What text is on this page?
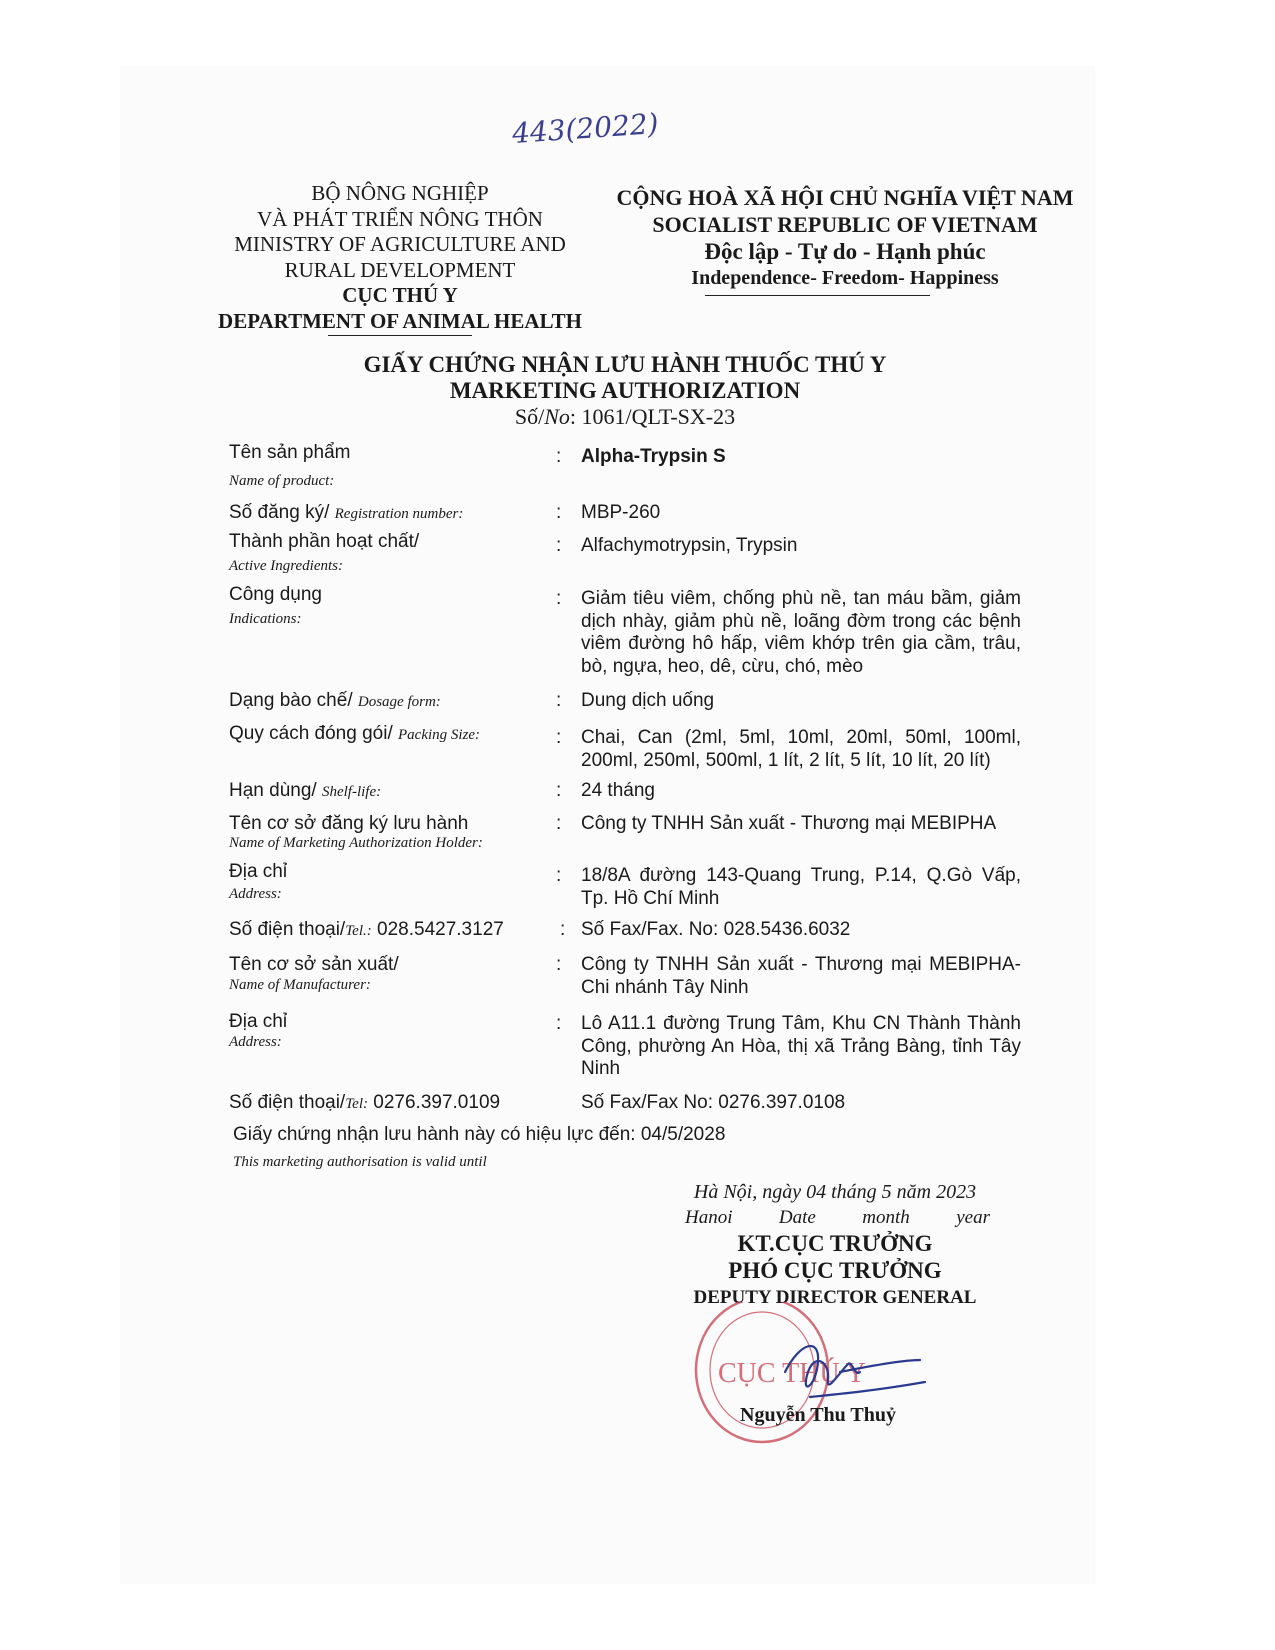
443(2022)
BỘ NÔNG NGHIỆP
VÀ PHÁT TRIỂN NÔNG THÔN
MINISTRY OF AGRICULTURE AND
RURAL DEVELOPMENT
CỤC THÚ Y
DEPARTMENT OF ANIMAL HEALTH
CỘNG HOÀ XÃ HỘI CHỦ NGHĨA VIỆT NAM
SOCIALIST REPUBLIC OF VIETNAM
Độc lập - Tự do - Hạnh phúc
Independence- Freedom- Happiness
GIẤY CHỨNG NHẬN LƯU HÀNH THUỐC THÚ Y
MARKETING AUTHORIZATION
Số/No: 1061/QLT-SX-23
Tên sản phẩm
Name of product:
: Alpha-Trypsin S
Số đăng ký/ Registration number:	: MBP-260
Thành phần hoạt chất/
Active Ingredients:
: Alfachymotrypsin, Trypsin
Công dụng
Indications:
: Giảm tiêu viêm, chống phù nề, tan máu bầm, giảm dịch nhày, giảm phù nề, loãng đờm trong các bệnh viêm đường hô hấp, viêm khớp trên gia cầm, trâu, bò, ngựa, heo, dê, cừu, chó, mèo
Dạng bào chế/ Dosage form:	: Dung dịch uống
Quy cách đóng gói/ Packing Size:	: Chai, Can (2ml, 5ml, 10ml, 20ml, 50ml, 100ml, 200ml, 250ml, 500ml, 1 lít, 2 lít, 5 lít, 10 lít, 20 lít)
Hạn dùng/ Shelf-life:	: 24 tháng
Tên cơ sở đăng ký lưu hành
Name of Marketing Authorization Holder:
: Công ty TNHH Sản xuất - Thương mại MEBIPHA
Địa chỉ
Address:
: 18/8A đường 143-Quang Trung, P.14, Q.Gò Vấp, Tp. Hồ Chí Minh
Số điện thoại/Tel.: 028.5427.3127	: Số Fax/Fax. No: 028.5436.6032
Tên cơ sở sản xuất/
Name of Manufacturer:
: Công ty TNHH Sản xuất - Thương mại MEBIPHA- Chi nhánh Tây Ninh
Địa chỉ
Address:
: Lô A11.1 đường Trung Tâm, Khu CN Thành Thành Công, phường An Hòa, thị xã Trảng Bàng, tỉnh Tây Ninh
Số điện thoại/Tel: 0276.397.0109	Số Fax/Fax No: 0276.397.0108
Giấy chứng nhận lưu hành này có hiệu lực đến: 04/5/2028
This marketing authorisation is valid until
Hà Nội, ngày 04 tháng 5 năm 2023
Hanoi Date month year
KT.CỤC TRƯỞNG
PHÓ CỤC TRƯỞNG
DEPUTY DIRECTOR GENERAL
CỤC THÚ Y
Nguyễn Thu Thuỷ
